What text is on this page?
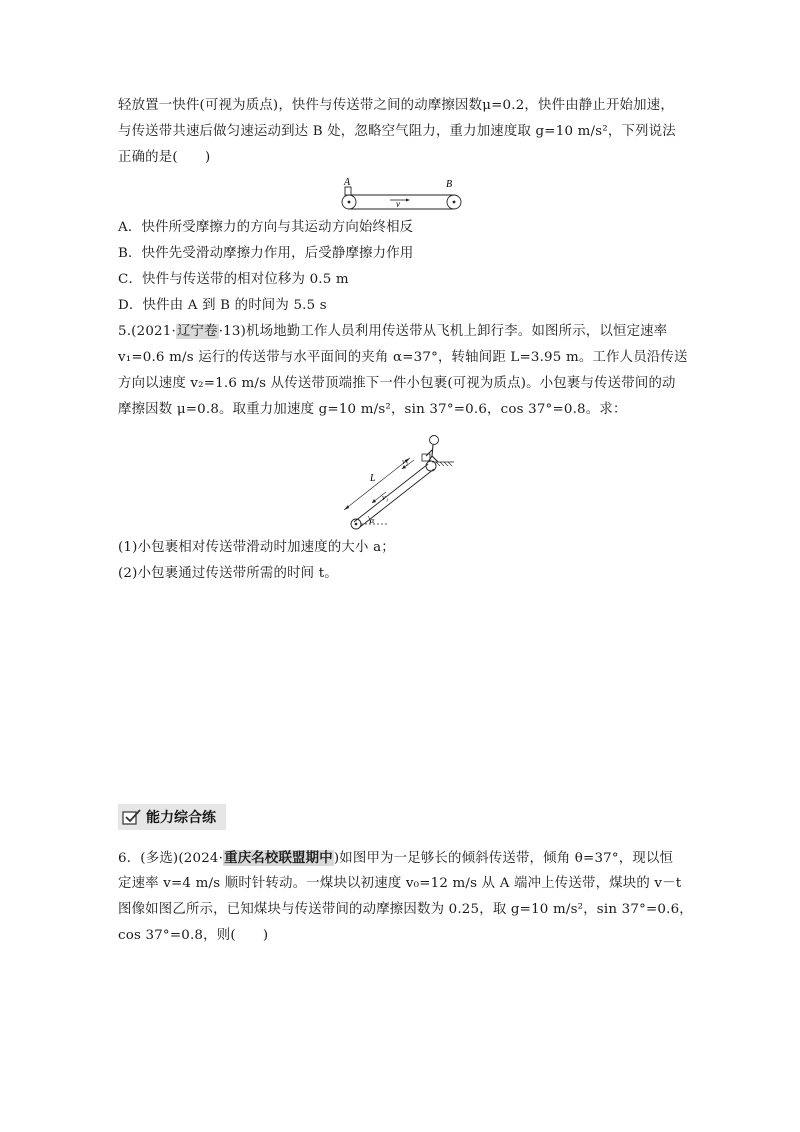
轻放置一快件(可视为质点)，快件与传送带之间的动摩擦因数μ=0.2，快件由静止开始加速，
与传送带共速后做匀速运动到达 B 处，忽略空气阻力，重力加速度取 g=10 m/s²，下列说法
正确的是(　　)
A	B
v
A．快件所受摩擦力的方向与其运动方向始终相反
B．快件先受滑动摩擦力作用，后受静摩擦力作用
C．快件与传送带的相对位移为 0.5 m
D．快件由 A 到 B 的时间为 5.5 s
5.(2021·辽宁卷·13)机场地勤工作人员利用传送带从飞机上卸行李。如图所示，以恒定速率
v₁=0.6 m/s 运行的传送带与水平面间的夹角 α=37°，转轴间距 L=3.95 m。工作人员沿传送
方向以速度 v₂=1.6 m/s 从传送带顶端推下一件小包裹(可视为质点)。小包裹与传送带间的动
摩擦因数 μ=0.8。取重力加速度 g=10 m/s²，sin 37°=0.6，cos 37°=0.8。求：
α
L
v₁
v₂
(1)小包裹相对传送带滑动时加速度的大小 a；
(2)小包裹通过传送带所需的时间 t。
能力综合练
6．(多选)(2024·重庆名校联盟期中)如图甲为一足够长的倾斜传送带，倾角 θ=37°，现以恒
定速率 v=4 m/s 顺时针转动。一煤块以初速度 v₀=12 m/s 从 A 端冲上传送带，煤块的 v－t
图像如图乙所示，已知煤块与传送带间的动摩擦因数为 0.25，取 g=10 m/s²，sin 37°=0.6，
cos 37°=0.8，则(　　)
